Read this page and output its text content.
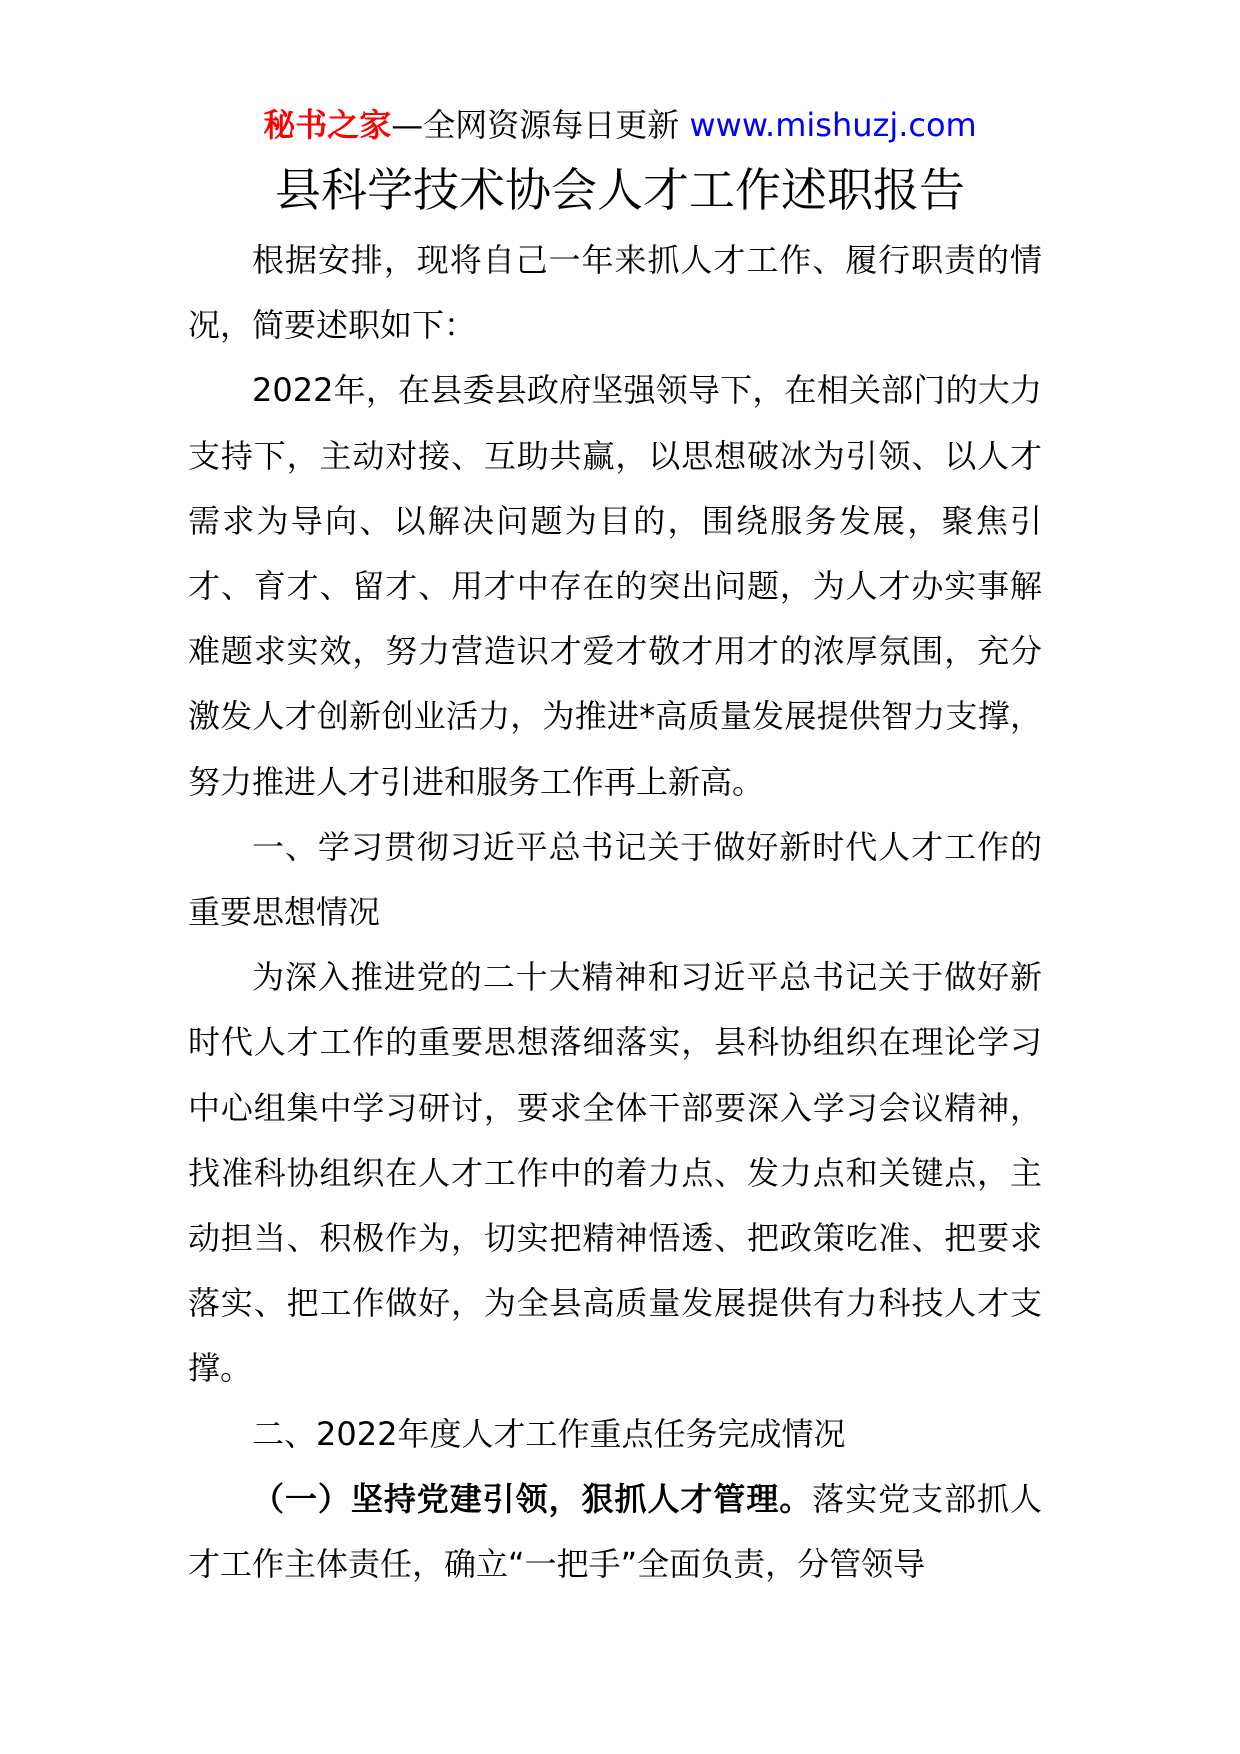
秘书之家—全网资源每日更新 www.mishuzj.com
县科学技术协会人才工作述职报告

根据安排，现将自己一年来抓人才工作、履行职责的情况，简要述职如下：

2022年，在县委县政府坚强领导下，在相关部门的大力支持下，主动对接、互助共赢，以思想破冰为引领、以人才需求为导向、以解决问题为目的，围绕服务发展，聚焦引才、育才、留才、用才中存在的突出问题，为人才办实事解难题求实效，努力营造识才爱才敬才用才的浓厚氛围，充分激发人才创新创业活力，为推进*高质量发展提供智力支撑，努力推进人才引进和服务工作再上新高。

一、学习贯彻习近平总书记关于做好新时代人才工作的重要思想情况

为深入推进党的二十大精神和习近平总书记关于做好新时代人才工作的重要思想落细落实，县科协组织在理论学习中心组集中学习研讨，要求全体干部要深入学习会议精神，找准科协组织在人才工作中的着力点、发力点和关键点，主动担当、积极作为，切实把精神悟透、把政策吃准、把要求落实、把工作做好，为全县高质量发展提供有力科技人才支撑。

二、2022年度人才工作重点任务完成情况

（一）坚持党建引领，狠抓人才管理。落实党支部抓人才工作主体责任，确立“一把手”全面负责，分管领导
